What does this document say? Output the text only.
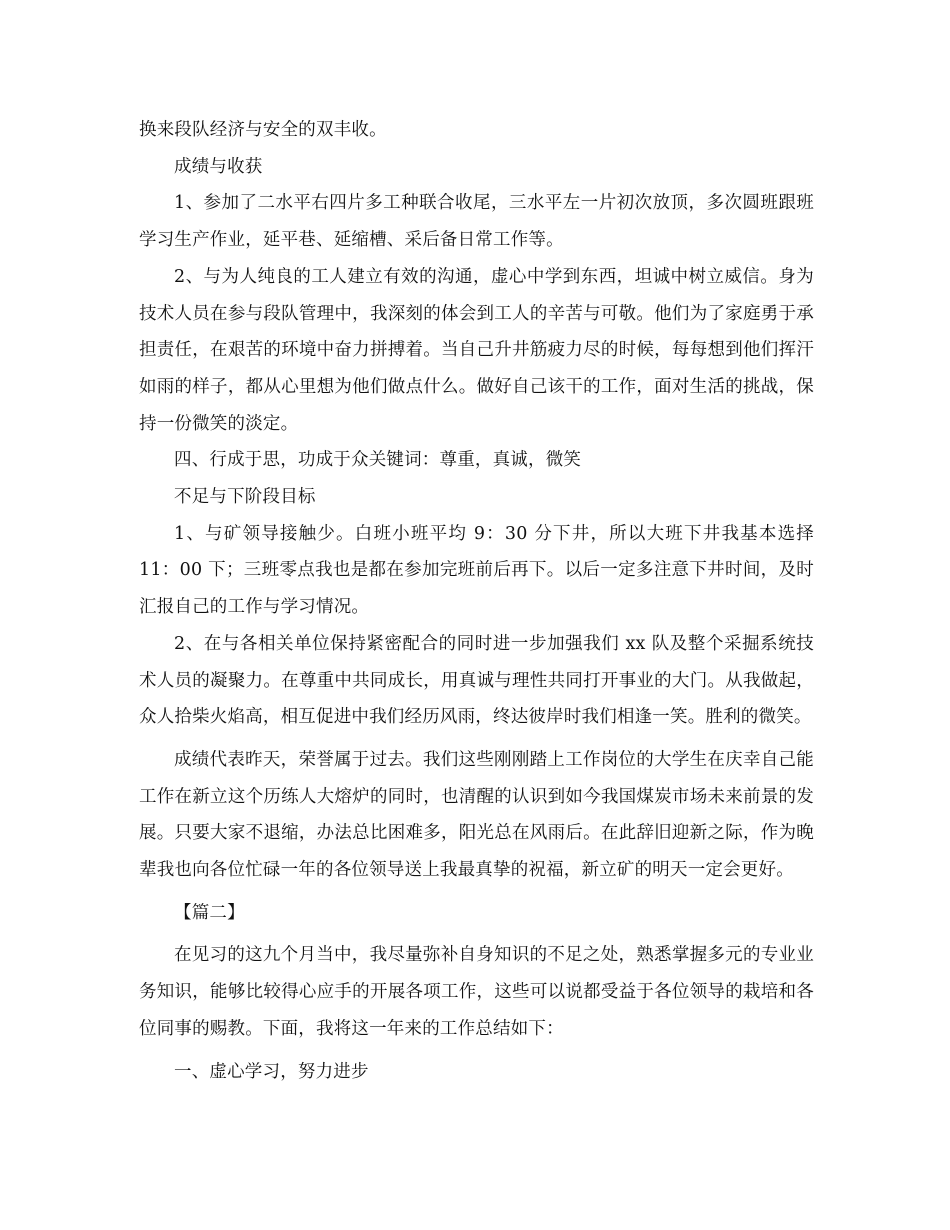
换来段队经济与安全的双丰收。

成绩与收获

1、参加了二水平右四片多工种联合收尾，三水平左一片初次放顶，多次圆班跟班学习生产作业，延平巷、延缩槽、采后备日常工作等。

2、与为人纯良的工人建立有效的沟通，虚心中学到东西，坦诚中树立威信。身为技术人员在参与段队管理中，我深刻的体会到工人的辛苦与可敬。他们为了家庭勇于承担责任，在艰苦的环境中奋力拼搏着。当自己升井筋疲力尽的时候，每每想到他们挥汗如雨的样子，都从心里想为他们做点什么。做好自己该干的工作，面对生活的挑战，保持一份微笑的淡定。

四、行成于思，功成于众关键词：尊重，真诚，微笑

不足与下阶段目标

1、与矿领导接触少。白班小班平均 9：30 分下井，所以大班下井我基本选择 11：00 下；三班零点我也是都在参加完班前后再下。以后一定多注意下井时间，及时汇报自己的工作与学习情况。

2、在与各相关单位保持紧密配合的同时进一步加强我们 xx 队及整个采掘系统技术人员的凝聚力。在尊重中共同成长，用真诚与理性共同打开事业的大门。从我做起，众人拾柴火焰高，相互促进中我们经历风雨，终达彼岸时我们相逢一笑。胜利的微笑。

成绩代表昨天，荣誉属于过去。我们这些刚刚踏上工作岗位的大学生在庆幸自己能工作在新立这个历练人大熔炉的同时，也清醒的认识到如今我国煤炭市场未来前景的发展。只要大家不退缩，办法总比困难多，阳光总在风雨后。在此辞旧迎新之际，作为晚辈我也向各位忙碌一年的各位领导送上我最真挚的祝福，新立矿的明天一定会更好。

【篇二】

在见习的这九个月当中，我尽量弥补自身知识的不足之处，熟悉掌握多元的专业业务知识，能够比较得心应手的开展各项工作，这些可以说都受益于各位领导的栽培和各位同事的赐教。下面，我将这一年来的工作总结如下：

一、虚心学习，努力进步
